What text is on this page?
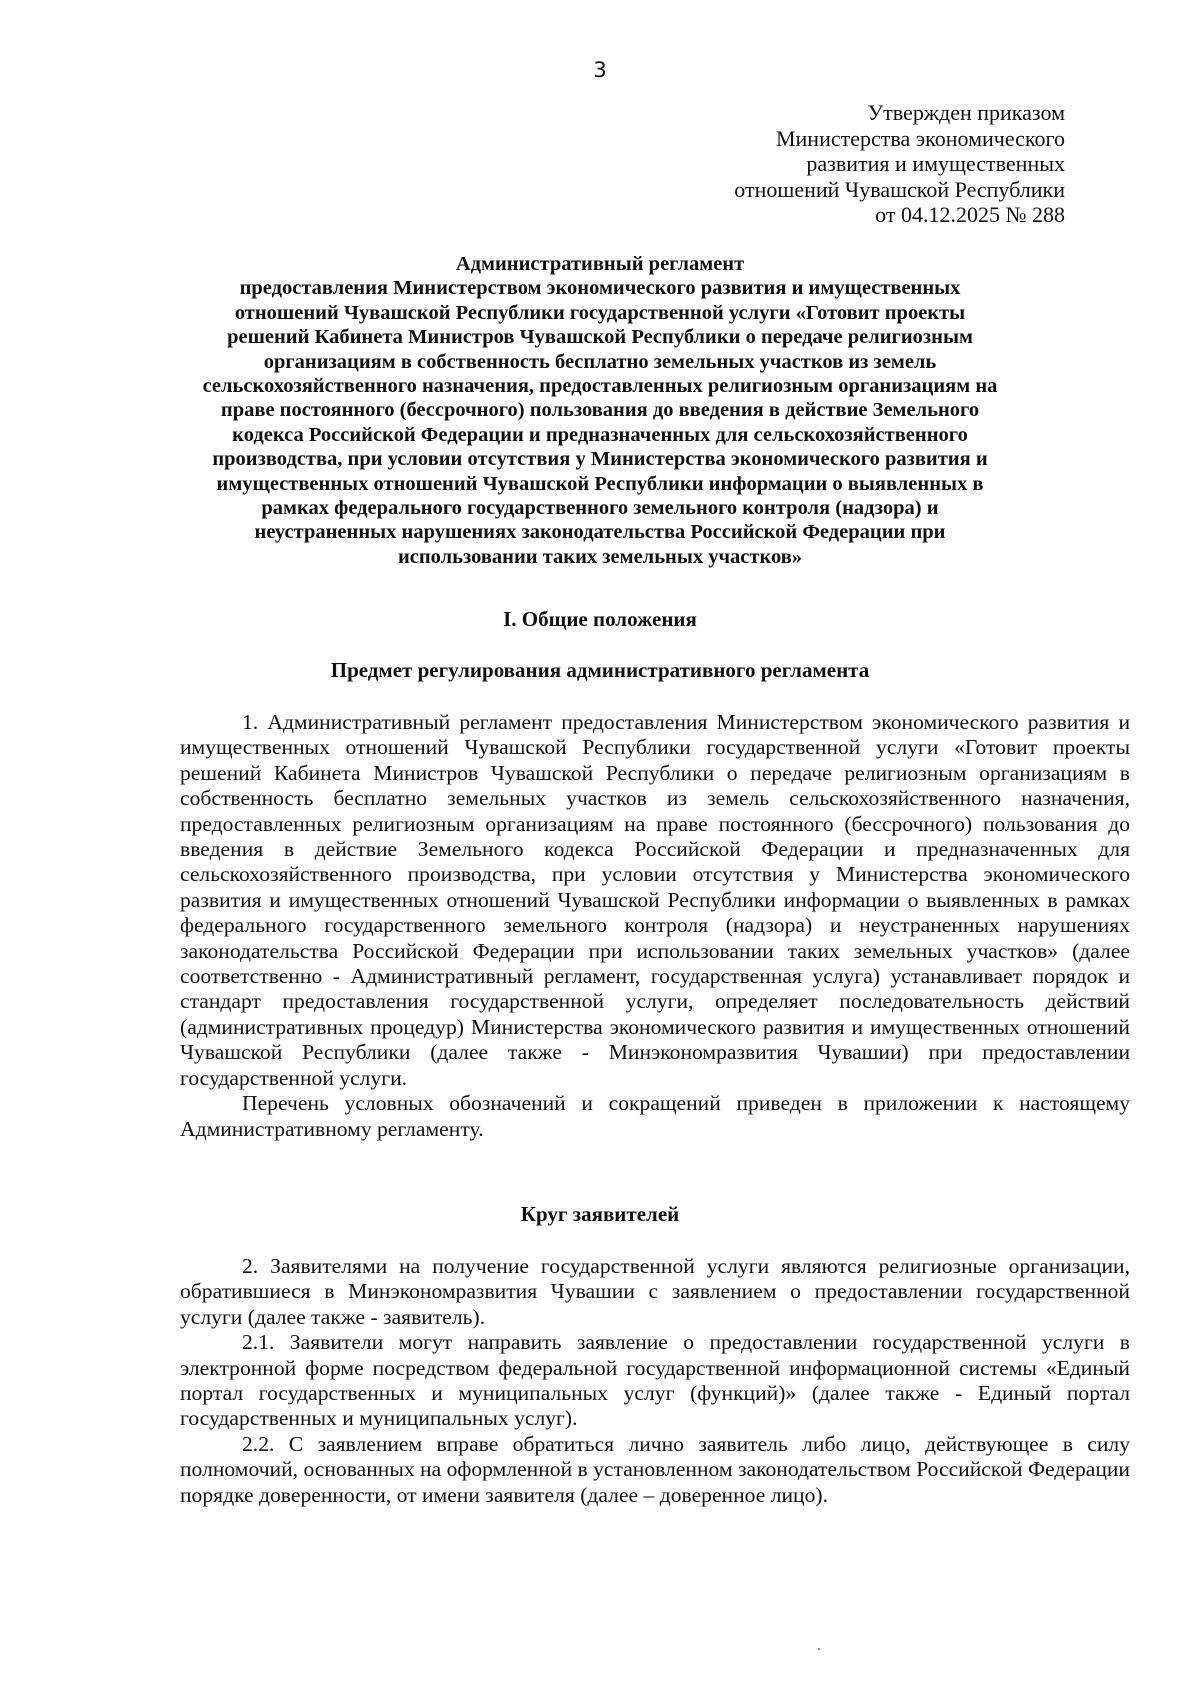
3
Утвержден приказом
Министерства экономического
развития и имущественных
отношений Чувашской Республики
от 04.12.2025 № 288
Административный регламент
предоставления Министерством экономического развития и имущественных
отношений Чувашской Республики государственной услуги «Готовит проекты
решений Кабинета Министров Чувашской Республики о передаче религиозным
организациям в собственность бесплатно земельных участков из земель
сельскохозяйственного назначения, предоставленных религиозным организациям на
праве постоянного (бессрочного) пользования до введения в действие Земельного
кодекса Российской Федерации и предназначенных для сельскохозяйственного
производства, при условии отсутствия у Министерства экономического развития и
имущественных отношений Чувашской Республики информации о выявленных в
рамках федерального государственного земельного контроля (надзора) и
неустраненных нарушениях законодательства Российской Федерации при
использовании таких земельных участков»
I. Общие положения
Предмет регулирования административного регламента

1. Административный регламент предоставления Министерством экономического развития и имущественных отношений Чувашской Республики государственной услуги «Готовит проекты решений Кабинета Министров Чувашской Республики о передаче религиозным организациям в собственность бесплатно земельных участков из земель сельскохозяйственного назначения, предоставленных религиозным организациям на праве постоянного (бессрочного) пользования до введения в действие Земельного кодекса Российской Федерации и предназначенных для сельскохозяйственного производства, при условии отсутствия у Министерства экономического развития и имущественных отношений Чувашской Республики информации о выявленных в рамках федерального государственного земельного контроля (надзора) и неустраненных нарушениях законодательства Российской Федерации при использовании таких земельных участков» (далее соответственно - Административный регламент, государственная услуга) устанавливает порядок и стандарт предоставления государственной услуги, определяет последовательность действий (административных процедур) Министерства экономического развития и имущественных отношений Чувашской Республики (далее также - Минэкономразвития Чувашии) при предоставлении государственной услуги.

Перечень условных обозначений и сокращений приведен в приложении к настоящему Административному регламенту.

Круг заявителей

2. Заявителями на получение государственной услуги являются религиозные организации, обратившиеся в Минэкономразвития Чувашии с заявлением о предоставлении государственной услуги (далее также - заявитель).

2.1. Заявители могут направить заявление о предоставлении государственной услуги в электронной форме посредством федеральной государственной информационной системы «Единый портал государственных и муниципальных услуг (функций)» (далее также - Единый портал государственных и муниципальных услуг).

2.2. С заявлением вправе обратиться лично заявитель либо лицо, действующее в силу полномочий, основанных на оформленной в установленном законодательством Российской Федерации порядке доверенности, от имени заявителя (далее – доверенное лицо).
